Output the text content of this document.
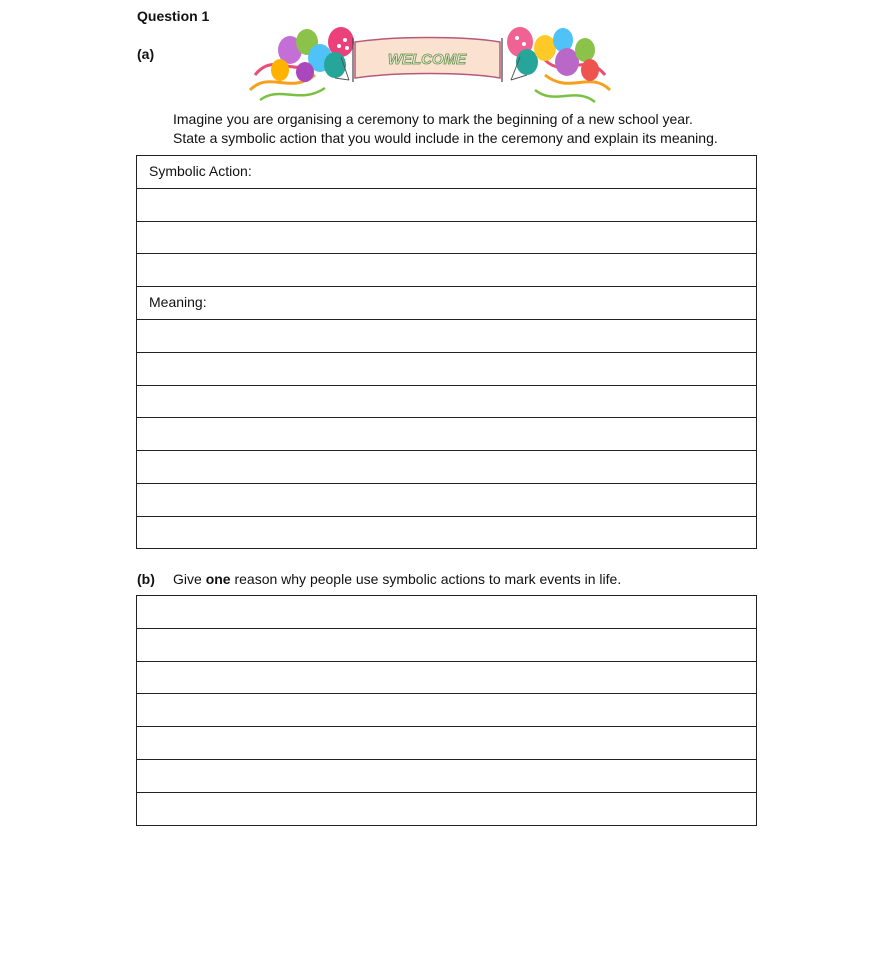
Question 1
(a)	WELCOME
Imagine you are organising a ceremony to mark the beginning of a new school year.
State a symbolic action that you would include in the ceremony and explain its meaning.
Symbolic Action:
Meaning:
(b) Give one reason why people use symbolic actions to mark events in life.
